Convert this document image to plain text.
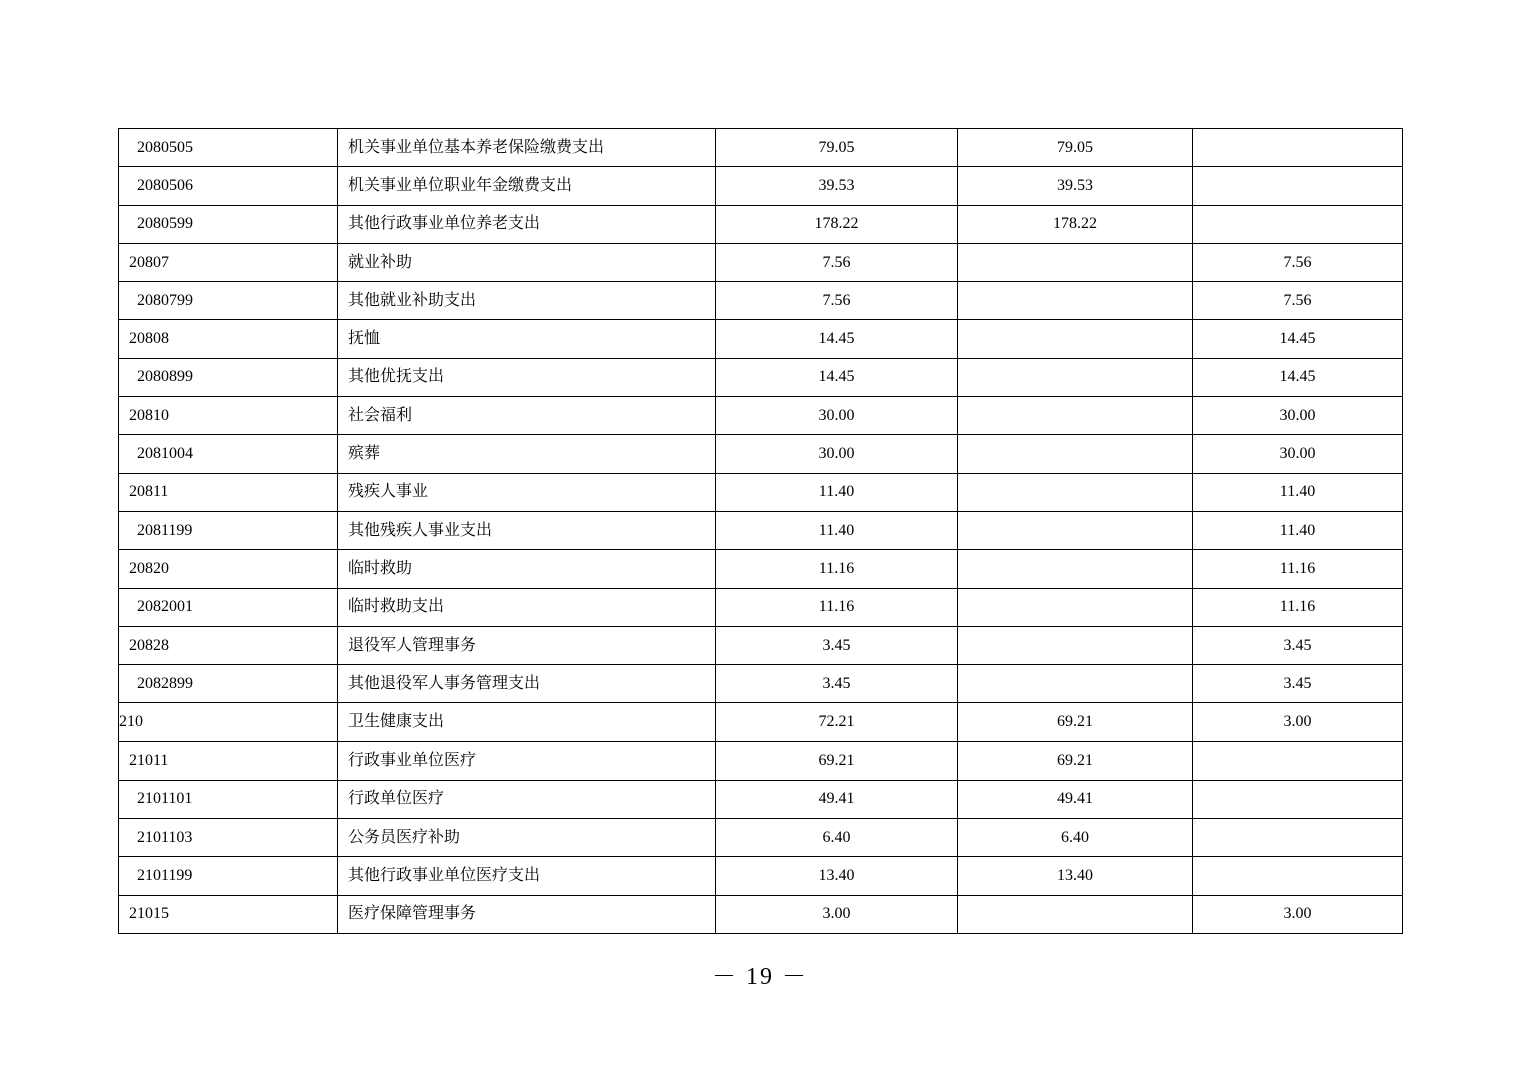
2080505	机关事业单位基本养老保险缴费支出	79.05	79.05	
2080506	机关事业单位职业年金缴费支出	39.53	39.53	
2080599	其他行政事业单位养老支出	178.22	178.22	
20807	就业补助	7.56		7.56
2080799	其他就业补助支出	7.56		7.56
20808	抚恤	14.45		14.45
2080899	其他优抚支出	14.45		14.45
20810	社会福利	30.00		30.00
2081004	殡葬	30.00		30.00
20811	残疾人事业	11.40		11.40
2081199	其他残疾人事业支出	11.40		11.40
20820	临时救助	11.16		11.16
2082001	临时救助支出	11.16		11.16
20828	退役军人管理事务	3.45		3.45
2082899	其他退役军人事务管理支出	3.45		3.45
210	卫生健康支出	72.21	69.21	3.00
21011	行政事业单位医疗	69.21	69.21	
2101101	行政单位医疗	49.41	49.41	
2101103	公务员医疗补助	6.40	6.40	
2101199	其他行政事业单位医疗支出	13.40	13.40	
21015	医疗保障管理事务	3.00		3.00
－ 19 －
